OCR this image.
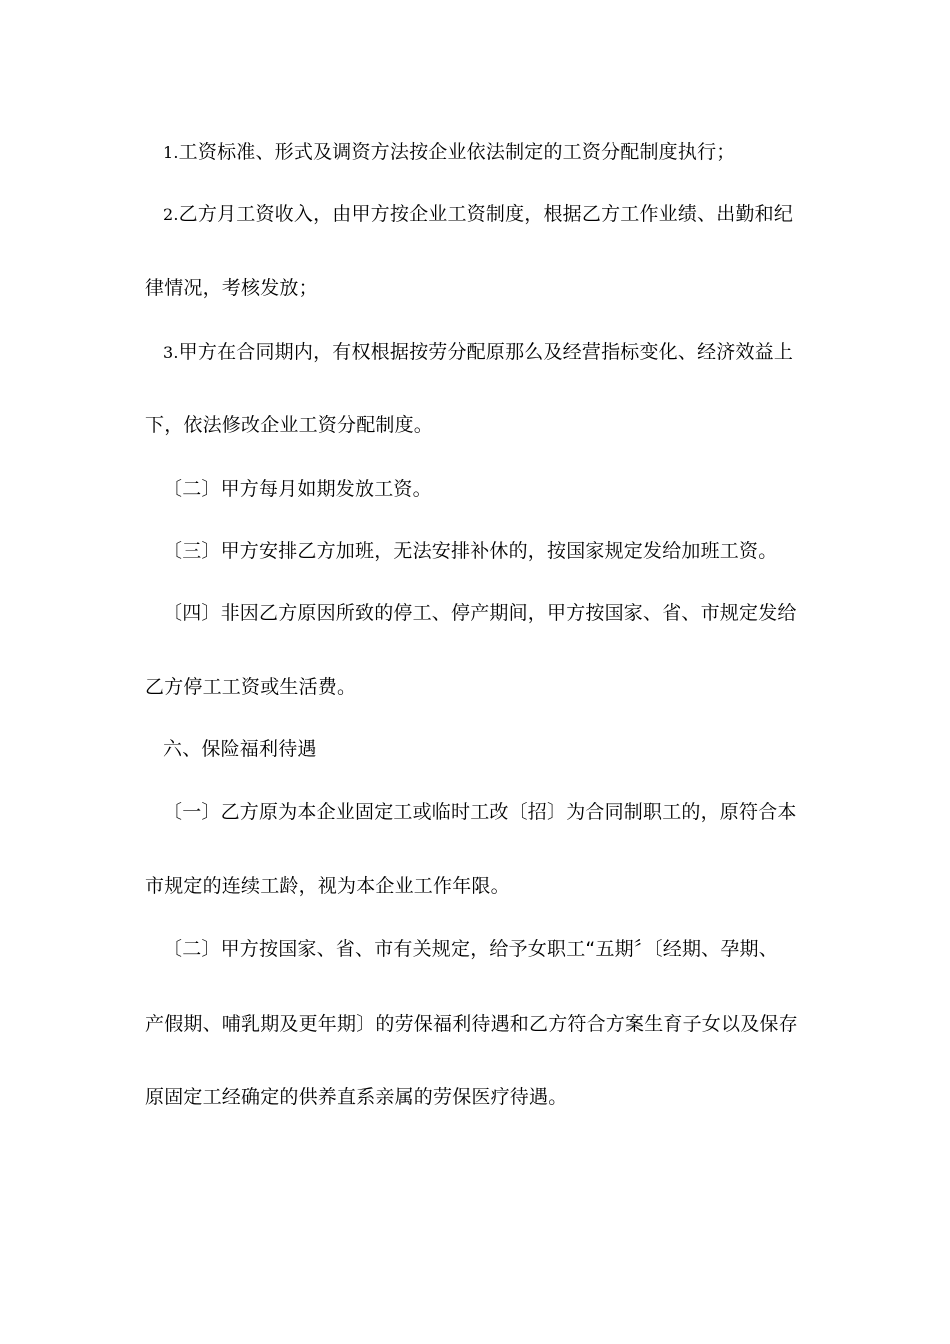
1.工资标准、形式及调资方法按企业依法制定的工资分配制度执行；
2.乙方月工资收入，由甲方按企业工资制度，根据乙方工作业绩、出勤和纪
律情况，考核发放；
3.甲方在合同期内，有权根据按劳分配原那么及经营指标变化、经济效益上
下，依法修改企业工资分配制度。
〔二〕甲方每月如期发放工资。
〔三〕甲方安排乙方加班，无法安排补休的，按国家规定发给加班工资。
〔四〕非因乙方原因所致的停工、停产期间，甲方按国家、省、市规定发给
乙方停工工资或生活费。
六、保险福利待遇
〔一〕乙方原为本企业固定工或临时工改〔招〕为合同制职工的，原符合本
市规定的连续工龄，视为本企业工作年限。
〔二〕甲方按国家、省、市有关规定，给予女职工“五期〞〔经期、孕期、
产假期、哺乳期及更年期〕的劳保福利待遇和乙方符合方案生育子女以及保存
原固定工经确定的供养直系亲属的劳保医疗待遇。
